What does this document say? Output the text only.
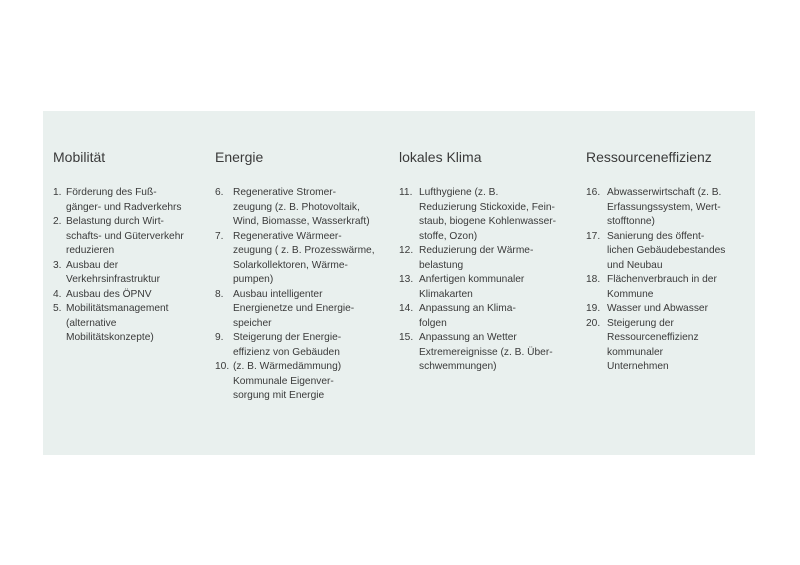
Mobilität
1. Förderung des Fuß-
gänger- und Radverkehrs
2. Belastung durch Wirt-
schafts- und Güterverkehr
reduzieren
3. Ausbau der
Verkehrsinfrastruktur
4. Ausbau des ÖPNV
5. Mobilitätsmanagement
(alternative
Mobilitätskonzepte)
Energie
6. Regenerative Stromer-
zeugung (z. B. Photovoltaik,
Wind, Biomasse, Wasserkraft)
7. Regenerative Wärmeer-
zeugung ( z. B. Prozesswärme,
Solarkollektoren, Wärme-
pumpen)
8. Ausbau intelligenter
Energienetze und Energie-
speicher
9. Steigerung der Energie-
effizienz von Gebäuden
10. (z. B. Wärmedämmung)
Kommunale Eigenver-
sorgung mit Energie
lokales Klima
11. Lufthygiene (z. B.
Reduzierung Stickoxide, Fein-
staub, biogene Kohlenwasser-
stoffe, Ozon)
12. Reduzierung der Wärme-
belastung
13. Anfertigen kommunaler
Klimakarten
14. Anpassung an Klima-
folgen
15. Anpassung an Wetter
Extremereignisse (z. B. Über-
schwemmungen)
Ressourceneffizienz
16. Abwasserwirtschaft (z. B.
Erfassungssystem, Wert-
stofftonne)
17. Sanierung des öffent-
lichen Gebäudebestandes
und Neubau
18. Flächenverbrauch in der
Kommune
19. Wasser und Abwasser
20. Steigerung der
Ressourceneffizienz
kommunaler
Unternehmen
